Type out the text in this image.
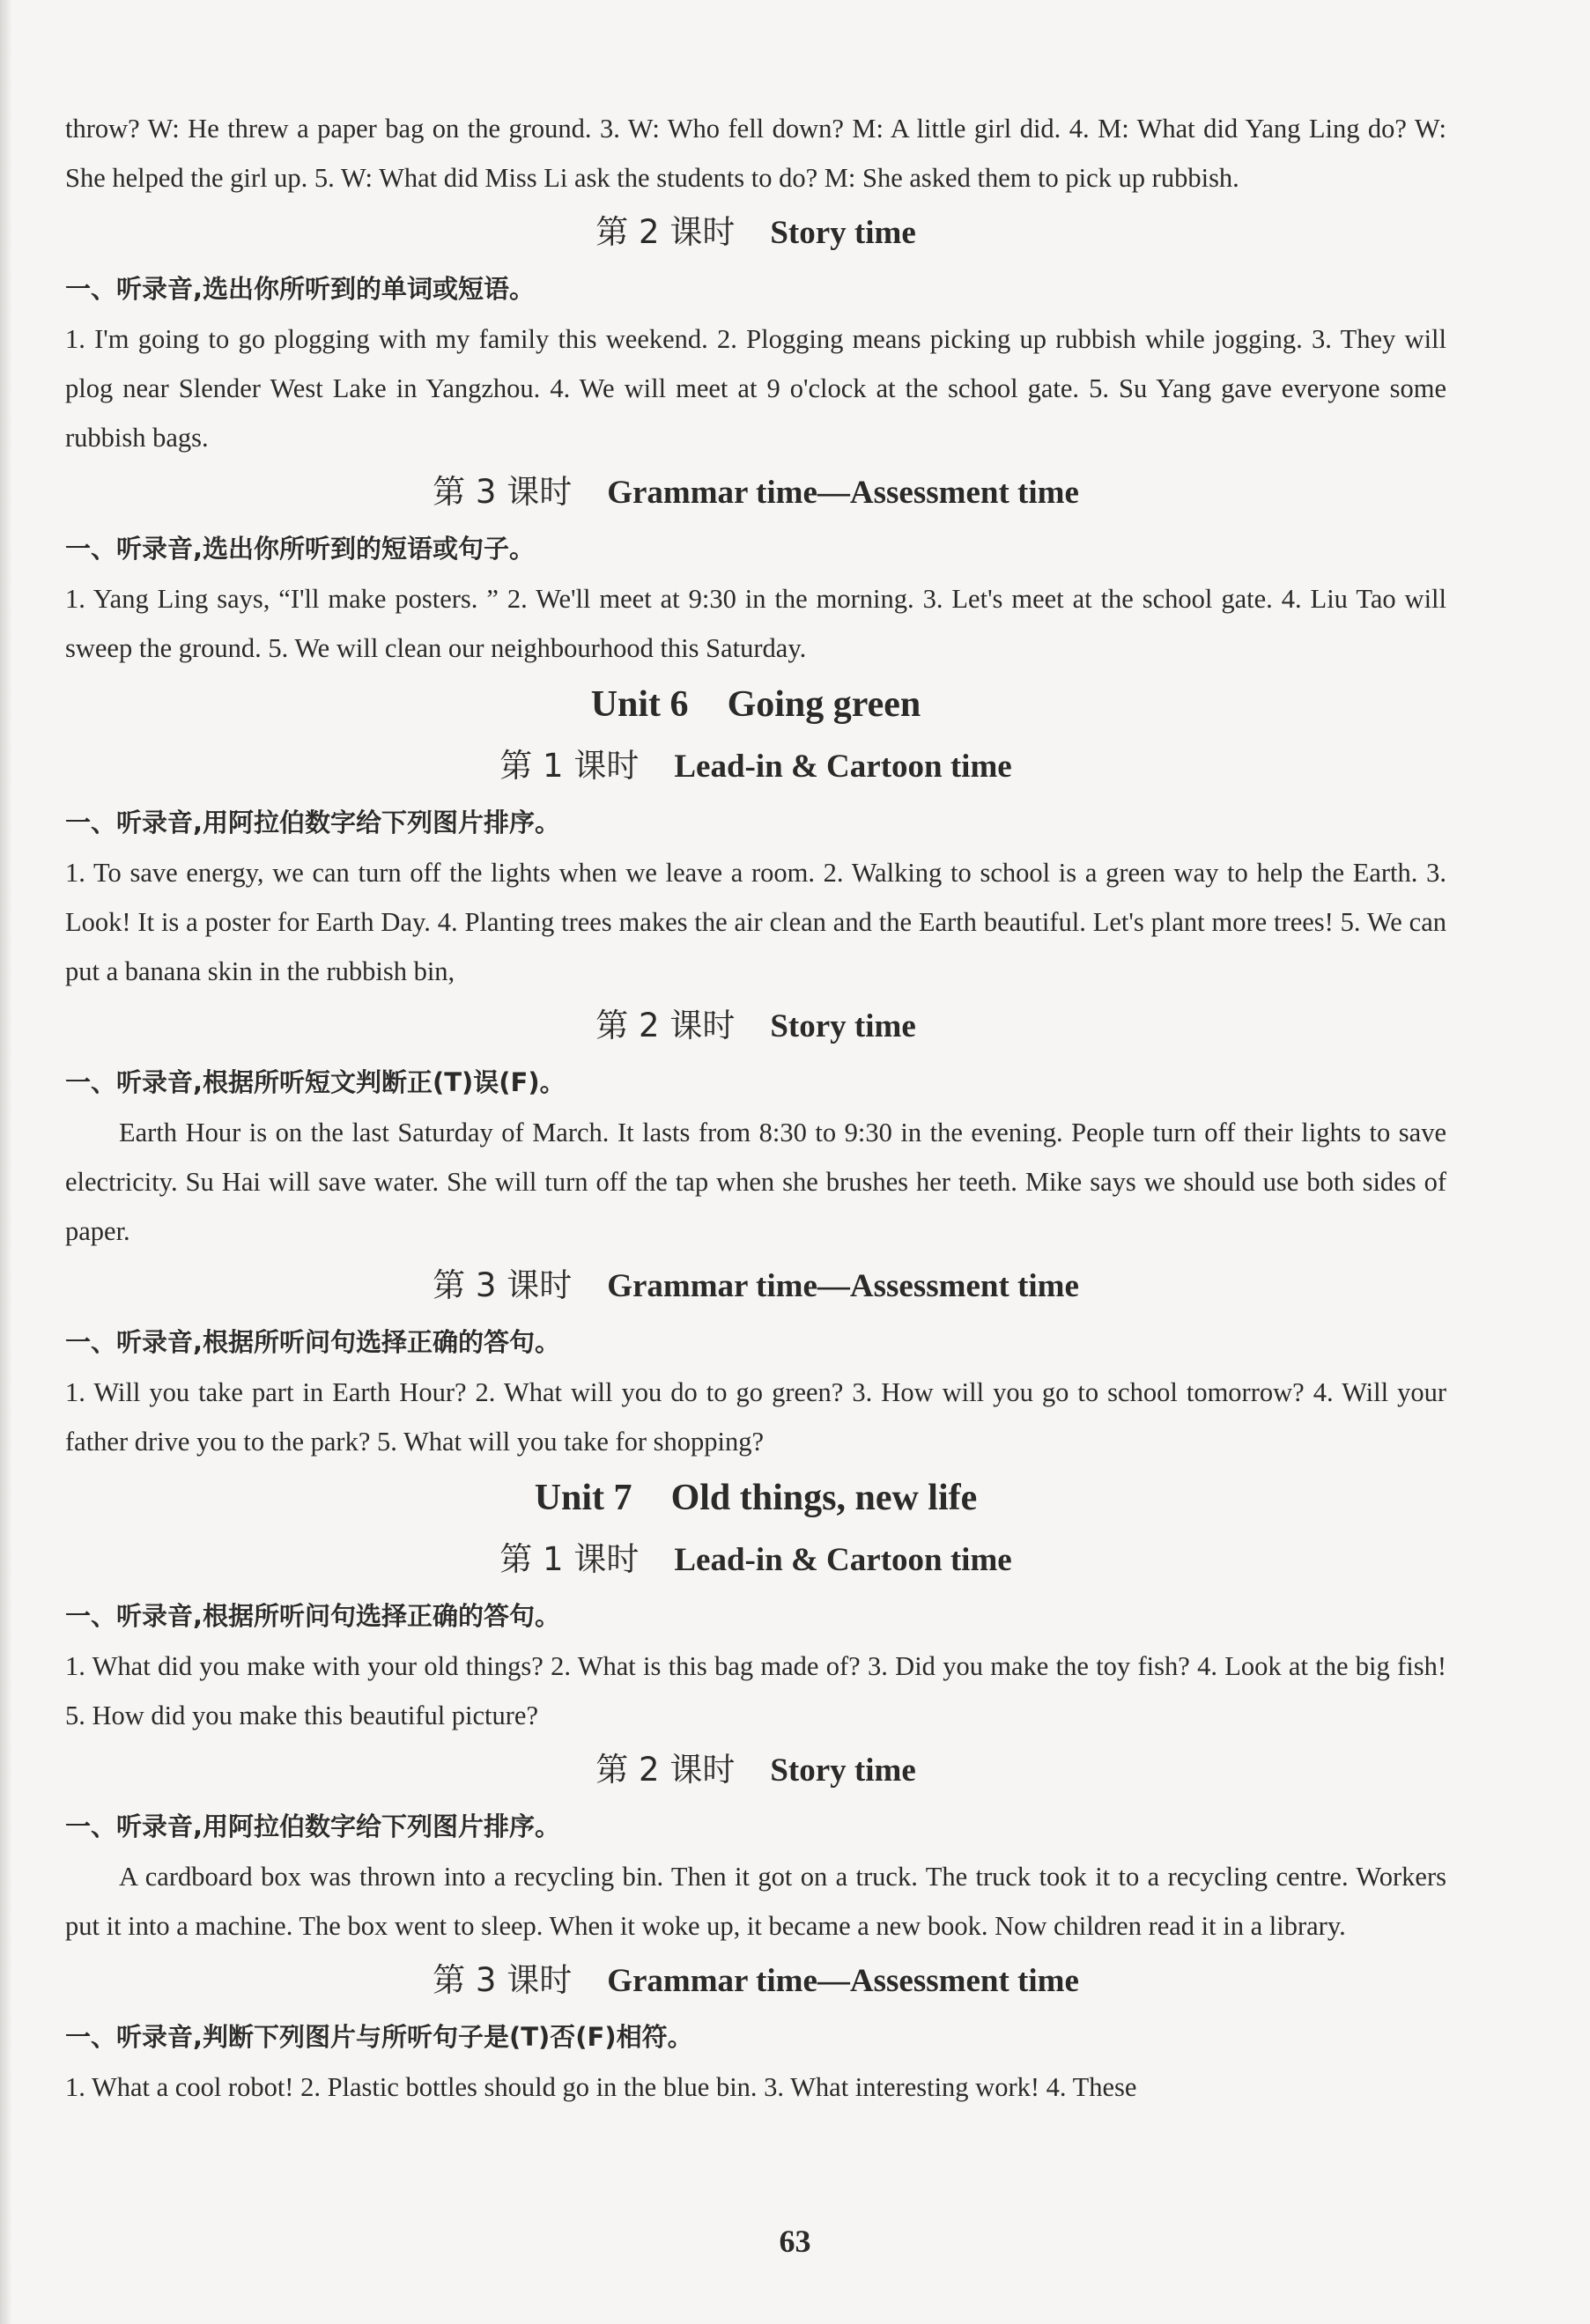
throw? W: He threw a paper bag on the ground. 3. W: Who fell down? M: A little girl did. 4. M: What did Yang Ling do? W: She helped the girl up. 5. W: What did Miss Li ask the students to do? M: She asked them to pick up rubbish.

第 2 课时 Story time

一、听录音,选出你所听到的单词或短语。

1. I'm going to go plogging with my family this weekend. 2. Plogging means picking up rubbish while jogging. 3. They will plog near Slender West Lake in Yangzhou. 4. We will meet at 9 o'clock at the school gate. 5. Su Yang gave everyone some rubbish bags.

第 3 课时 Grammar time—Assessment time

一、听录音,选出你所听到的短语或句子。

1. Yang Ling says, “I'll make posters. ” 2. We'll meet at 9:30 in the morning. 3. Let's meet at the school gate. 4. Liu Tao will sweep the ground. 5. We will clean our neighbourhood this Saturday.

Unit 6 Going green
第 1 课时 Lead-in & Cartoon time

一、听录音,用阿拉伯数字给下列图片排序。

1. To save energy, we can turn off the lights when we leave a room. 2. Walking to school is a green way to help the Earth. 3. Look! It is a poster for Earth Day. 4. Planting trees makes the air clean and the Earth beautiful. Let's plant more trees! 5. We can put a banana skin in the rubbish bin,

第 2 课时 Story time

一、听录音,根据所听短文判断正(T)误(F)。

Earth Hour is on the last Saturday of March. It lasts from 8:30 to 9:30 in the evening. People turn off their lights to save electricity. Su Hai will save water. She will turn off the tap when she brushes her teeth. Mike says we should use both sides of paper.

第 3 课时 Grammar time—Assessment time

一、听录音,根据所听问句选择正确的答句。

1. Will you take part in Earth Hour? 2. What will you do to go green? 3. How will you go to school tomorrow? 4. Will your father drive you to the park? 5. What will you take for shopping?

Unit 7 Old things, new life
第 1 课时 Lead-in & Cartoon time

一、听录音,根据所听问句选择正确的答句。

1. What did you make with your old things? 2. What is this bag made of? 3. Did you make the toy fish? 4. Look at the big fish! 5. How did you make this beautiful picture?

第 2 课时 Story time

一、听录音,用阿拉伯数字给下列图片排序。

A cardboard box was thrown into a recycling bin. Then it got on a truck. The truck took it to a recycling centre. Workers put it into a machine. The box went to sleep. When it woke up, it became a new book. Now children read it in a library.

第 3 课时 Grammar time—Assessment time

一、听录音,判断下列图片与所听句子是(T)否(F)相符。

1. What a cool robot! 2. Plastic bottles should go in the blue bin. 3. What interesting work! 4. These

63
